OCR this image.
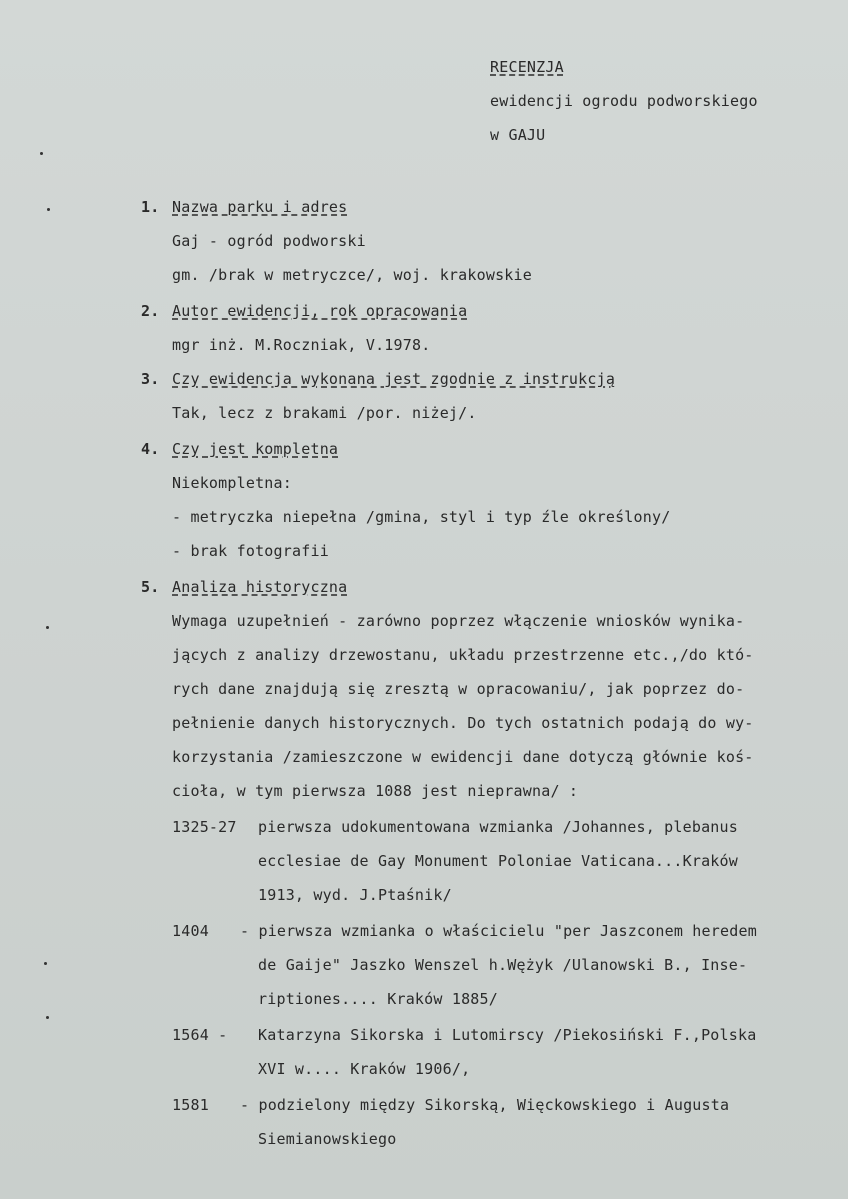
RECENZJA
ewidencji ogrodu podworskiego
w GAJU
1. Nazwa parku i adres
Gaj - ogród podworski
gm. /brak w metryczce/, woj. krakowskie
2. Autor ewidencji, rok opracowania
mgr inż. M.Roczniak, V.1978.
3. Czy ewidencja wykonana jest zgodnie z instrukcją
Tak, lecz z brakami /por. niżej/.
4. Czy jest kompletna
Niekompletna:
- metryczka niepełna /gmina, styl i typ źle określony/
- brak fotografii
5. Analiza historyczna
Wymaga uzupełnień - zarówno poprzez włączenie wniosków wynika-
jących z analizy drzewostanu, układu przestrzenne etc.,/do któ-
rych dane znajdują się zresztą w opracowaniu/, jak poprzez do-
pełnienie danych historycznych. Do tych ostatnich podają do wy-
korzystania /zamieszczone w ewidencji dane dotyczą głównie koś-
cioła, w tym pierwsza 1088 jest nieprawna/ :
1325-27 pierwsza udokumentowana wzmianka /Johannes, plebanus
ecclesiae de Gay Monument Poloniae Vaticana...Kraków
1913, wyd. J.Ptaśnik/
1404 - pierwsza wzmianka o właścicielu "per Jaszconem heredem
de Gaije" Jaszko Wenszel h.Wężyk /Ulanowski B., Inse-
riptiones.... Kraków 1885/
1564 - Katarzyna Sikorska i Lutomirscy /Piekosiński F.,Polska
XVI w.... Kraków 1906/,
1581 - podzielony między Sikorską, Więckowskiego i Augusta
Siemianowskiego
